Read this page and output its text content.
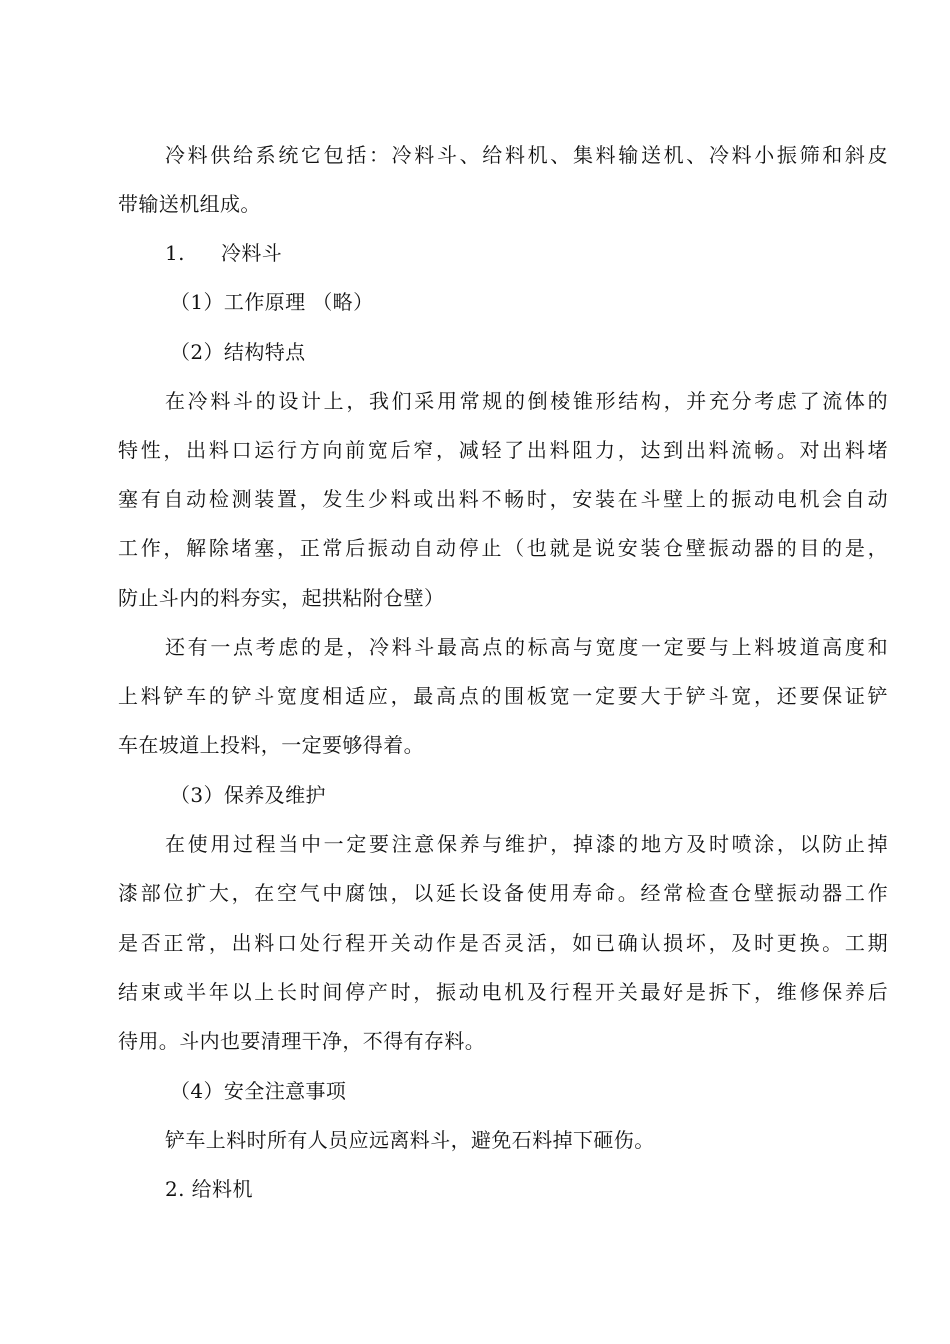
冷料供给系统它包括：冷料斗、给料机、集料输送机、冷料小振筛和斜皮
带输送机组成。
1. 冷料斗
（1）工作原理 （略）
（2）结构特点
在冷料斗的设计上，我们采用常规的倒棱锥形结构，并充分考虑了流体的
特性，出料口运行方向前宽后窄，减轻了出料阻力，达到出料流畅。对出料堵
塞有自动检测装置，发生少料或出料不畅时，安装在斗壁上的振动电机会自动
工作，解除堵塞，正常后振动自动停止（也就是说安装仓壁振动器的目的是，
防止斗内的料夯实，起拱粘附仓壁）
还有一点考虑的是，冷料斗最高点的标高与宽度一定要与上料坡道高度和
上料铲车的铲斗宽度相适应，最高点的围板宽一定要大于铲斗宽，还要保证铲
车在坡道上投料，一定要够得着。
（3）保养及维护
在使用过程当中一定要注意保养与维护，掉漆的地方及时喷涂，以防止掉
漆部位扩大，在空气中腐蚀，以延长设备使用寿命。经常检查仓壁振动器工作
是否正常，出料口处行程开关动作是否灵活，如已确认损坏，及时更换。工期
结束或半年以上长时间停产时，振动电机及行程开关最好是拆下，维修保养后
待用。斗内也要清理干净，不得有存料。
（4）安全注意事项
铲车上料时所有人员应远离料斗，避免石料掉下砸伤。
2. 给料机
